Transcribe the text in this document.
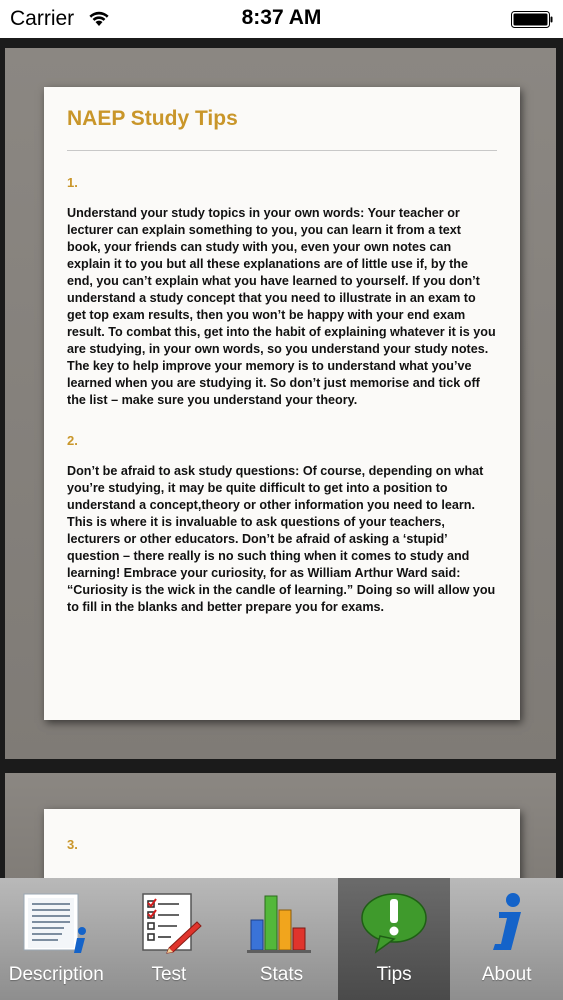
Carrier	8:37 AM
NAEP Study Tips
1.
Understand your study topics in your own words: Your teacher or lecturer can explain something to you, you can learn it from a text book, your friends can study with you, even your own notes can explain it to you but all these explanations are of little use if, by the end, you can’t explain what you have learned to yourself. If you don’t understand a study concept that you need to illustrate in an exam to get top exam results, then you won’t be happy with your end exam result. To combat this, get into the habit of explaining whatever it is you are studying, in your own words, so you understand your study notes. The key to help improve your memory is to understand what you’ve learned when you are studying it. So don’t just memorise and tick off the list – make sure you understand your theory.
2.
Don’t be afraid to ask study questions: Of course, depending on what you’re studying, it may be quite difficult to get into a position to understand a concept,theory or other information you need to learn. This is where it is invaluable to ask questions of your teachers, lecturers or other educators. Don’t be afraid of asking a ‘stupid’ question – there really is no such thing when it comes to study and learning! Embrace your curiosity, for as William Arthur Ward said: “Curiosity is the wick in the candle of learning.” Doing so will allow you to fill in the blanks and better prepare you for exams.
3.
Description	Test	Stats	Tips	About
